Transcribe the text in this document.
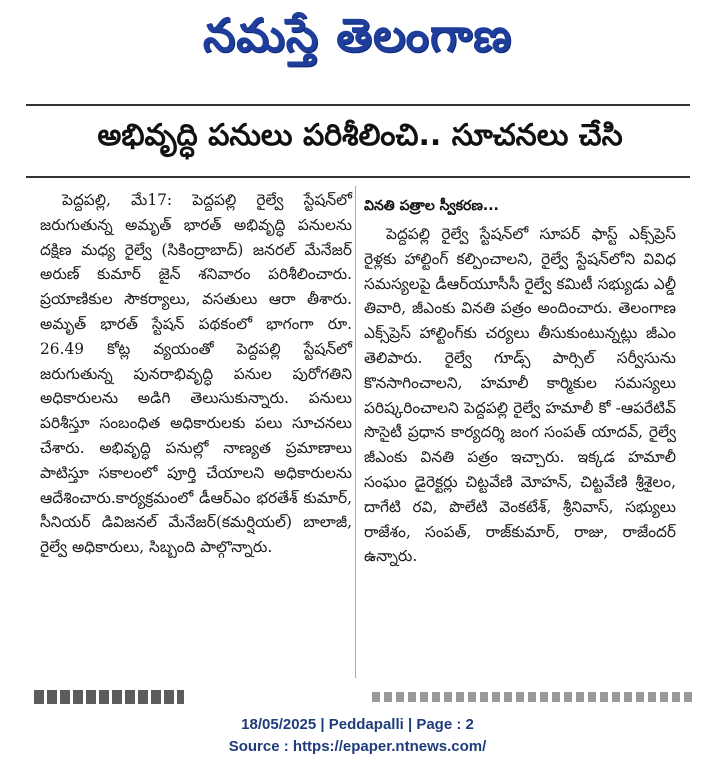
నమస్తే తెలంగాణ
అభివృద్ధి పనులు పరిశీలించి.. సూచనలు చేసి

పెద్దపల్లి, మే17: పెద్దపల్లి రైల్వే స్టేషన్‌లో జరుగుతున్న అమృత్ భారత్ అభివృద్ధి పనులను దక్షిణ మధ్య రైల్వే (సికింద్రాబాద్) జనరల్ మేనేజర్ అరుణ్ కుమార్ జైన్ శనివారం పరిశీలించారు. ప్రయాణికుల సౌకర్యాలు, వసతులు ఆరా తీశారు. అమృత్ భారత్ స్టేషన్ పథకంలో భాగంగా రూ. 26.49 కోట్ల వ్యయంతో పెద్దపల్లి స్టేషన్‌లో జరుగుతున్న పునరాభివృద్ధి పనుల పురోగతిని అధికారులను అడిగి తెలుసుకున్నారు. పనులు పరిశీస్తూ సంబంధిత అధికారులకు పలు సూచనలు చేశారు. అభివృద్ధి పనుల్లో నాణ్యత ప్రమాణాలు పాటిస్తూ సకాలంలో పూర్తి చేయాలని అధికారులను ఆదేశించారు.కార్యక్రమంలో డీఆర్ఎం భరతేశ్ కుమార్, సీనియర్ డివిజనల్ మేనేజర్(కమర్షియల్) బాలాజీ, రైల్వే అధికారులు, సిబ్బంది పాల్గొన్నారు.

వినతి పత్రాల స్వీకరణ...

పెద్దపల్లి రైల్వే స్టేషన్‌లో సూపర్ ఫాస్ట్ ఎక్స్‌ప్రెస్ రైళ్లకు హాల్టింగ్ కల్పించాలని, రైల్వే స్టేషన్‌లోని వివిధ సమస్యలపై డీఆర్‌యూసీసీ రైల్వే కమిటీ సభ్యుడు ఎల్డీ తివారి, జీఎంకు వినతి పత్రం అందించారు. తెలంగాణ ఎక్స్‌ప్రెస్ హాల్టింగ్‌కు చర్యలు తీసుకుంటున్నట్లు జీఎం తెలిపారు. రైల్వే గూడ్స్ పార్సిల్ సర్వీసును కొనసాగించాలని, హమాలీ కార్మికుల సమస్యలు పరిష్కరించాలని పెద్దపల్లి రైల్వే హమాలీ కో -ఆపరేటివ్ సొసైటీ ప్రధాన కార్యదర్శి జంగ సంపత్ యాదవ్, రైల్వే జీఎంకు వినతి పత్రం ఇచ్చారు. ఇక్కడ హమాలీ సంఘం డైరెక్టర్లు చిట్టవేణి మోహన్, చిట్టవేణి శ్రీశైలం, దాగేటి రవి, పొలేటి వెంకటేశ్, శ్రీనివాస్, సభ్యులు రాజేశం, సంపత్, రాజ్‌కుమార్, రాజు, రాజేందర్ ఉన్నారు.

18/05/2025 | Peddapalli | Page : 2
Source : https://epaper.ntnews.com/
